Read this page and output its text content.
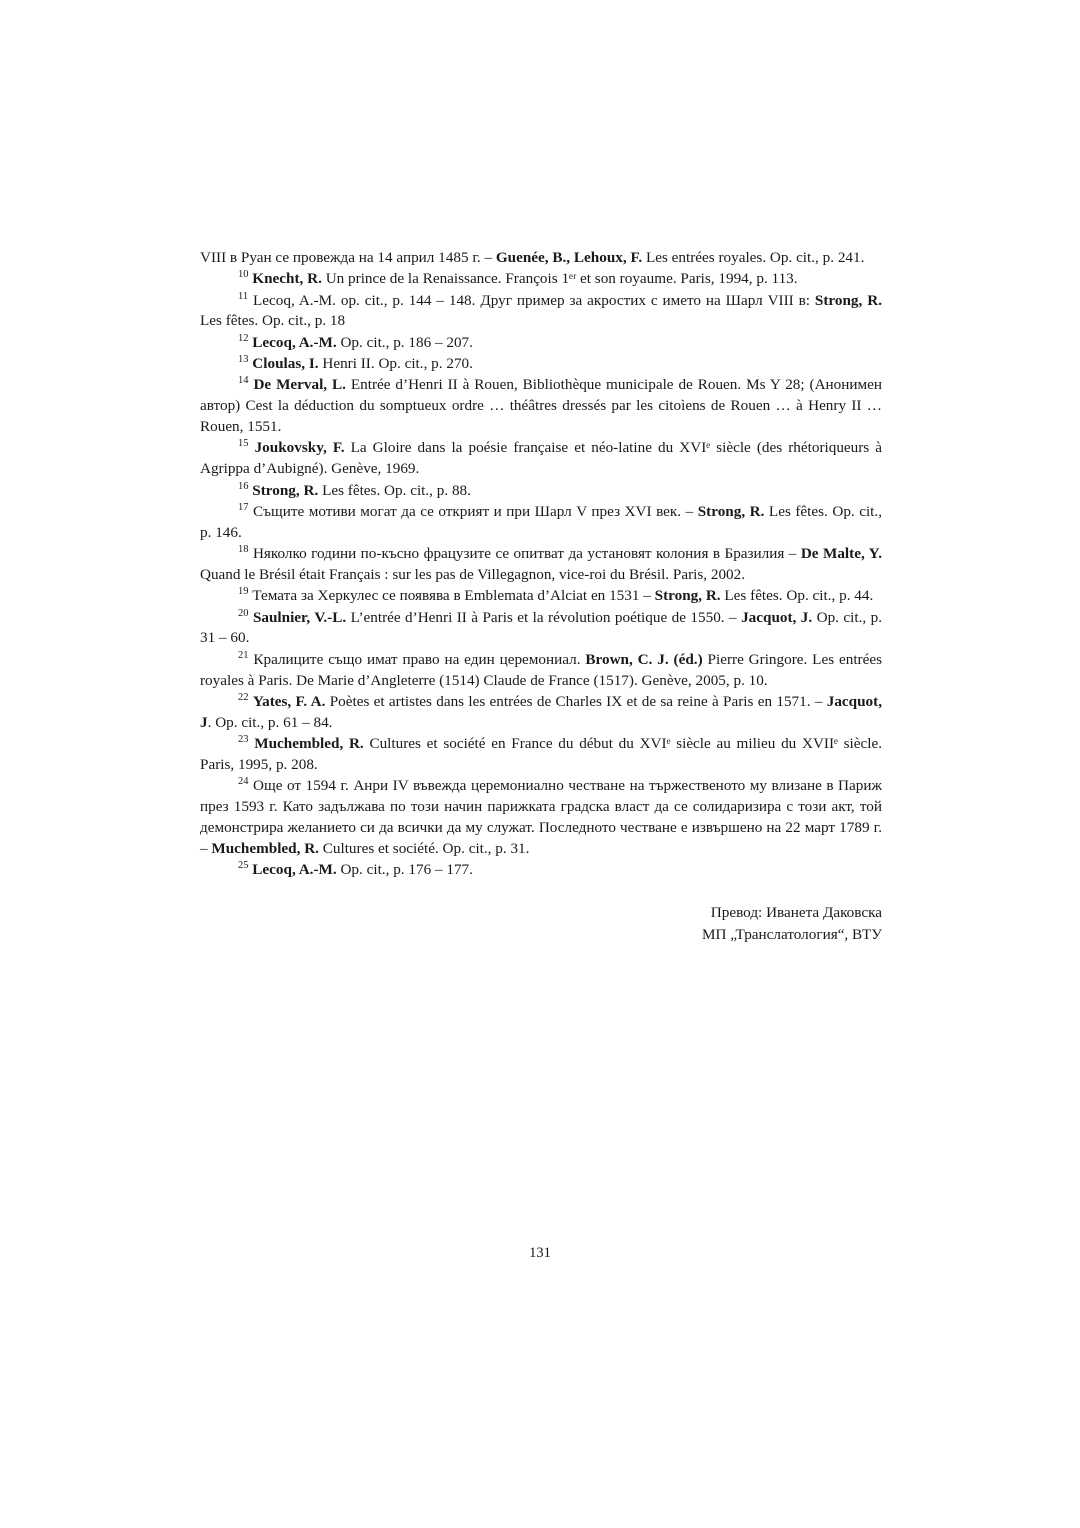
VIII в Руан се провежда на 14 април 1485 г. – Guenée, B., Lehoux, F. Les entrées royales. Op. cit., p. 241.

$^{10}$ Knecht, R. Un prince de la Renaissance. François 1ᵉʳ et son royaume. Paris, 1994, p. 113.

$^{11}$ Lecoq, A.-M. op. cit., p. 144 – 148. Друг пример за акростих с името на Шарл VIII в: Strong, R. Les fêtes. Op. cit., p. 18

$^{12}$ Lecoq, A.-M. Op. cit., p. 186 – 207.

$^{13}$ Cloulas, I. Henri II. Op. cit., p. 270.

$^{14}$ De Merval, L. Entrée d’Henri II à Rouen, Bibliothèque municipale de Rouen. Ms Y 28; (Анонимен автор) Cest la déduction du somptueux ordre … théâtres dressés par les citoìens de Rouen … à Henry II … Rouen, 1551.

$^{15}$ Joukovsky, F. La Gloire dans la poésie française et néo-latine du XVIᵉ siècle (des rhétoriqueurs à Agrippa d’Aubigné). Genève, 1969.

$^{16}$ Strong, R. Les fêtes. Op. cit., p. 88.

$^{17}$ Същите мотиви могат да се открият и при Шарл V през XVI век. – Strong, R. Les fêtes. Op. cit., p. 146.

$^{18}$ Няколко години по-късно фрацузите се опитват да установят колония в Бразилия – De Malte, Y. Quand le Brésil était Français : sur les pas de Villegagnon, vice-roi du Brésil. Paris, 2002.

$^{19}$ Темата за Херкулес се появява в Emblemata d’Alciat en 1531 – Strong, R. Les fêtes. Op. cit., p. 44.

$^{20}$ Saulnier, V.-L. L’entrée d’Henri II à Paris et la révolution poétique de 1550. – Jacquot, J. Op. cit., p. 31 – 60.

$^{21}$ Кралиците също имат право на един церемониал. Brown, C. J. (éd.) Pierre Gringore. Les entrées royales à Paris. De Marie d’Angleterre (1514) Claude de France (1517). Genève, 2005, p. 10.

$^{22}$ Yates, F. A. Poètes et artistes dans les entrées de Charles IX et de sa reine à Paris en 1571. – Jacquot, J. Op. cit., p. 61 – 84.

$^{23}$ Muchembled, R. Cultures et société en France du début du XVIᵉ siècle au milieu du XVIIᵉ siècle. Paris, 1995, p. 208.

$^{24}$ Още от 1594 г. Анри IV въвежда церемониално честване на тържественото му влизане в Париж през 1593 г. Като задължава по този начин парижката градска власт да се солидаризира с този акт, той демонстрира желанието си да всички да му служат. Последното честване е извършено на 22 март 1789 г. – Muchembled, R. Cultures et société. Op. cit., p. 31.

$^{25}$ Lecoq, A.-M. Op. cit., p. 176 – 177.

Превод: Иванета Даковска
МП „Транслатология“, ВТУ
131
